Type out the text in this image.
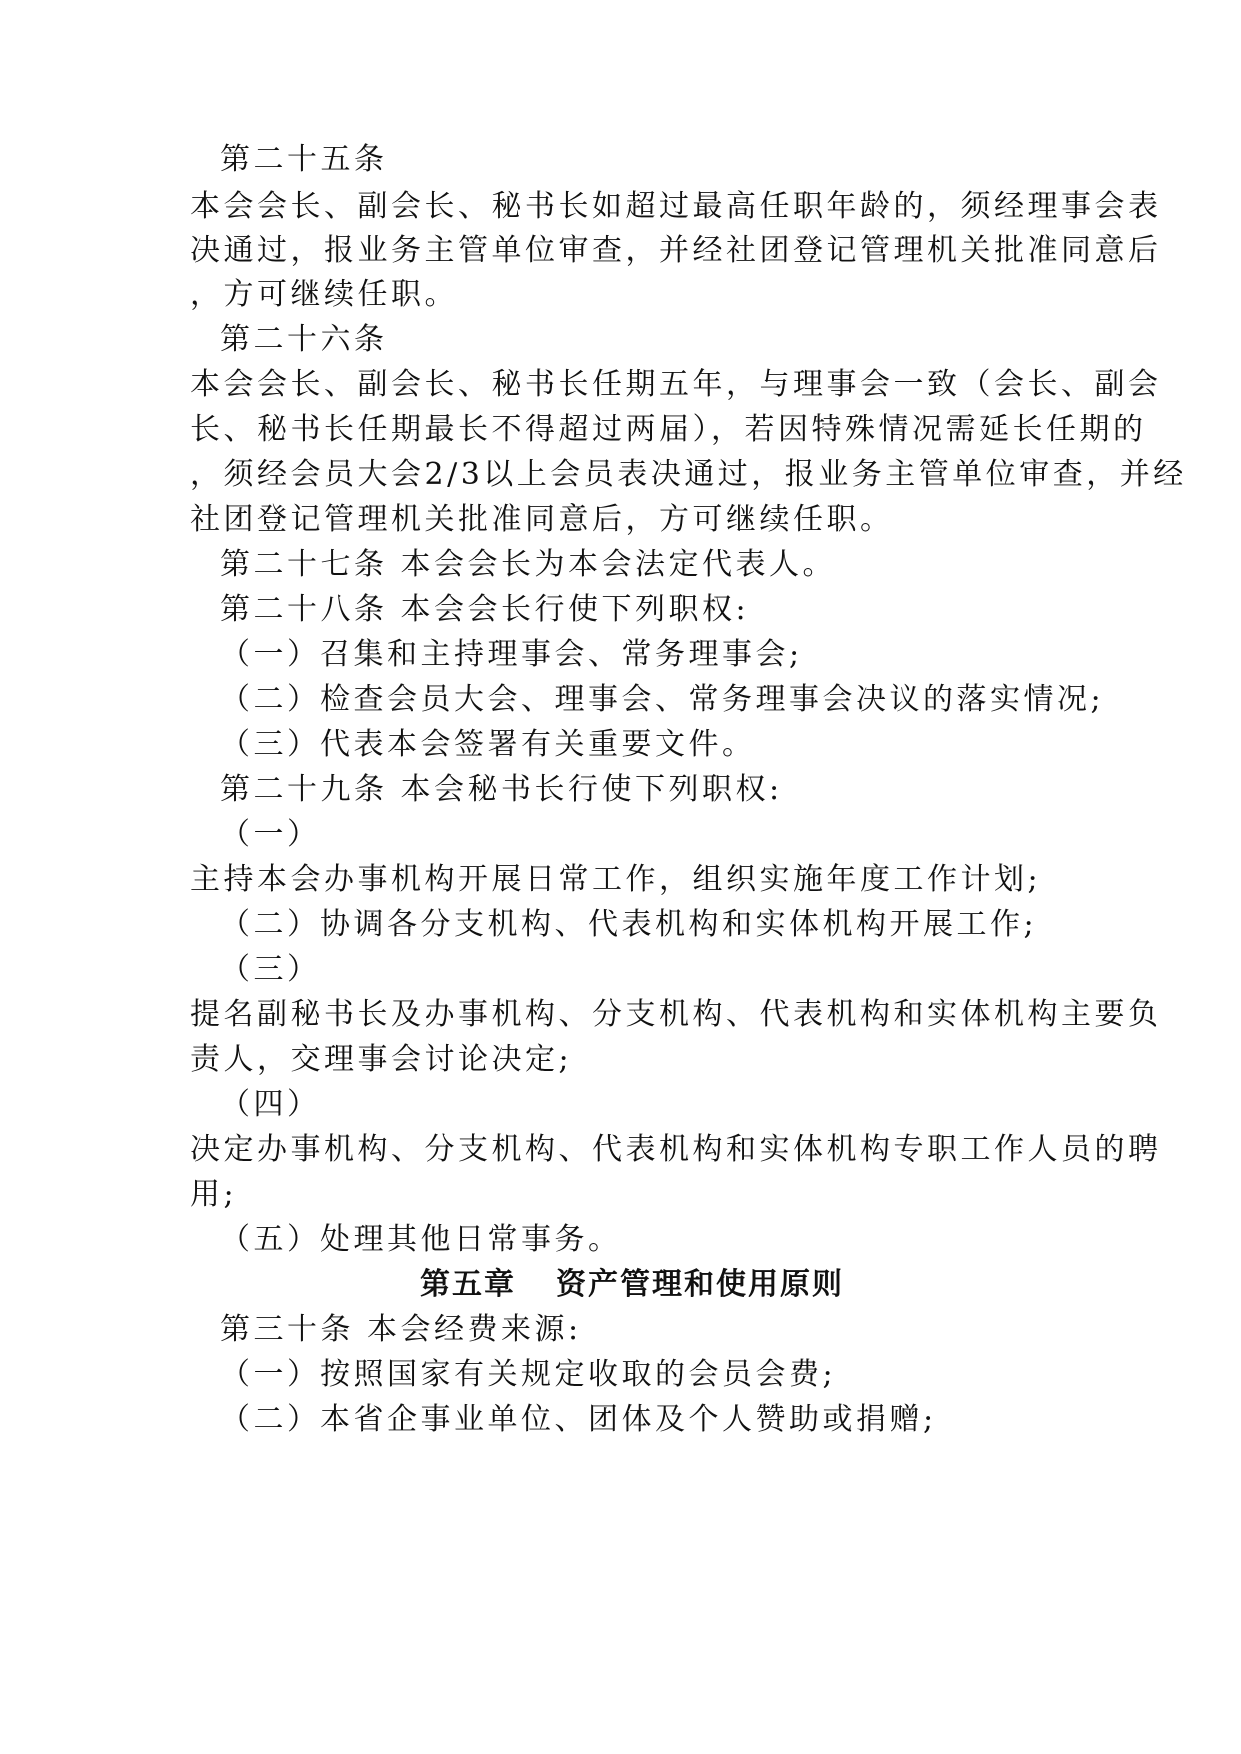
第二十五条
本会会长、副会长、秘书长如超过最高任职年龄的，须经理事会表
决通过，报业务主管单位审查，并经社团登记管理机关批准同意后
，方可继续任职。
第二十六条
本会会长、副会长、秘书长任期五年，与理事会一致（会长、副会
长、秘书长任期最长不得超过两届），若因特殊情况需延长任期的
，须经会员大会2/3以上会员表决通过，报业务主管单位审查，并经
社团登记管理机关批准同意后，方可继续任职。
第二十七条 本会会长为本会法定代表人。
第二十八条 本会会长行使下列职权:
（一）召集和主持理事会、常务理事会;
（二）检查会员大会、理事会、常务理事会决议的落实情况;
（三）代表本会签署有关重要文件。
第二十九条 本会秘书长行使下列职权:
（一）
主持本会办事机构开展日常工作，组织实施年度工作计划;
（二）协调各分支机构、代表机构和实体机构开展工作;
（三）
提名副秘书长及办事机构、分支机构、代表机构和实体机构主要负
责人，交理事会讨论决定;
（四）
决定办事机构、分支机构、代表机构和实体机构专职工作人员的聘
用;
（五）处理其他日常事务。
第五章 资产管理和使用原则
第三十条 本会经费来源:
（一）按照国家有关规定收取的会员会费;
（二）本省企事业单位、团体及个人赞助或捐赠;
